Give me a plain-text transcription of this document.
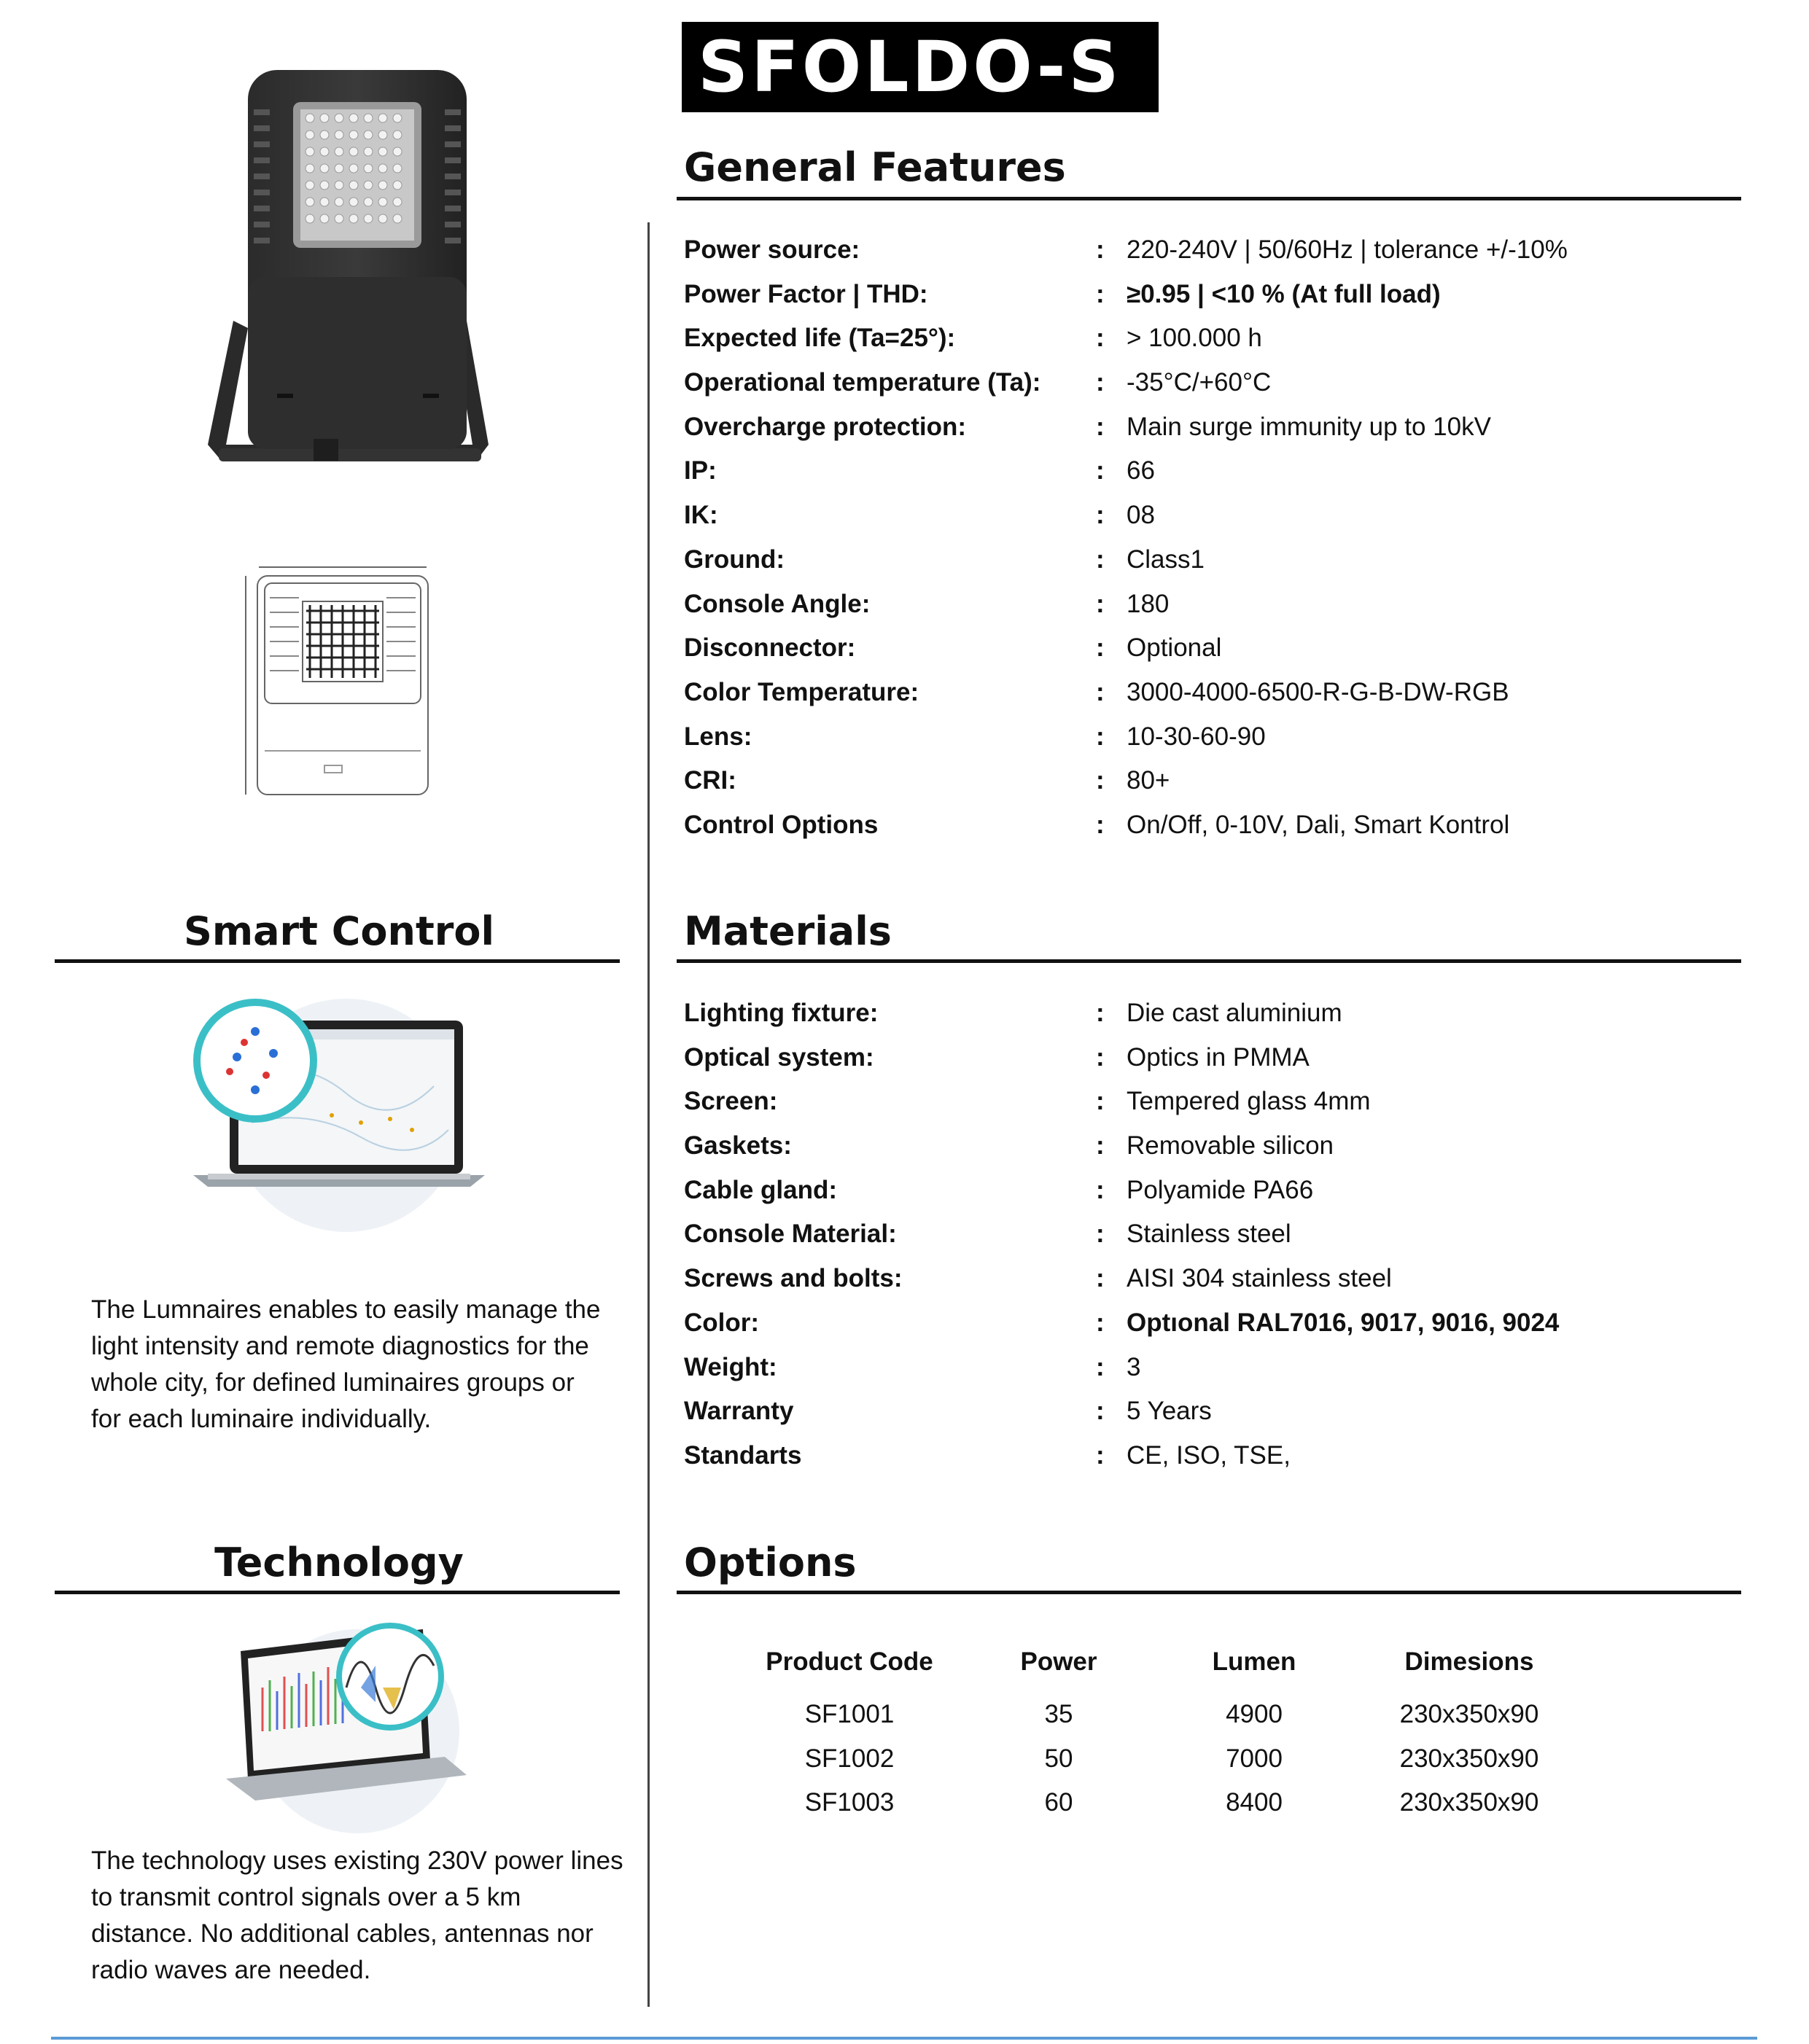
SFOLDO-S
General Features
Power source:	: 220-240V | 50/60Hz | tolerance +/-10%
Power Factor | THD:	: ≥0.95 | <10 % (At full load)
Expected life (Ta=25°):	: > 100.000 h
Operational temperature (Ta): : -35°C/+60°C
Overcharge protection:	: Main surge immunity up to 10kV
IP:	: 66
IK:	: 08
Ground:	: Class1
Console Angle:	: 180
Disconnector:	: Optional
Color Temperature:	: 3000-4000-6500-R-G-B-DW-RGB
Lens:	: 10-30-60-90
CRI:	: 80+
Control Options	: On/Off, 0-10V, Dali, Smart Kontrol
Materials
Lighting fixture:	: Die cast aluminium
Optical system:	: Optics in PMMA
Screen:	: Tempered glass 4mm
Gaskets:	: Removable silicon
Cable gland:	: Polyamide PA66
Console Material:	: Stainless steel
Screws and bolts:	: AISI 304 stainless steel
Color:	: Optıonal RAL7016, 9017, 9016, 9024
Weight:	: 3
Warranty	: 5 Years
Standarts	: CE, ISO, TSE,
Options
Product Code	Power	Lumen	Dimesions
SF1001	35	4900	230x350x90
SF1002	50	7000	230x350x90
SF1003	60	8400	230x350x90
Smart Control
The Lumnaires enables to easily manage the
light intensity and remote diagnostics for the
whole city, for defined luminaires groups or
for each luminaire individually.
Technology
The technology uses existing 230V power lines
to transmit control signals over a 5 km
distance. No additional cables, antennas nor
radio waves are needed.
